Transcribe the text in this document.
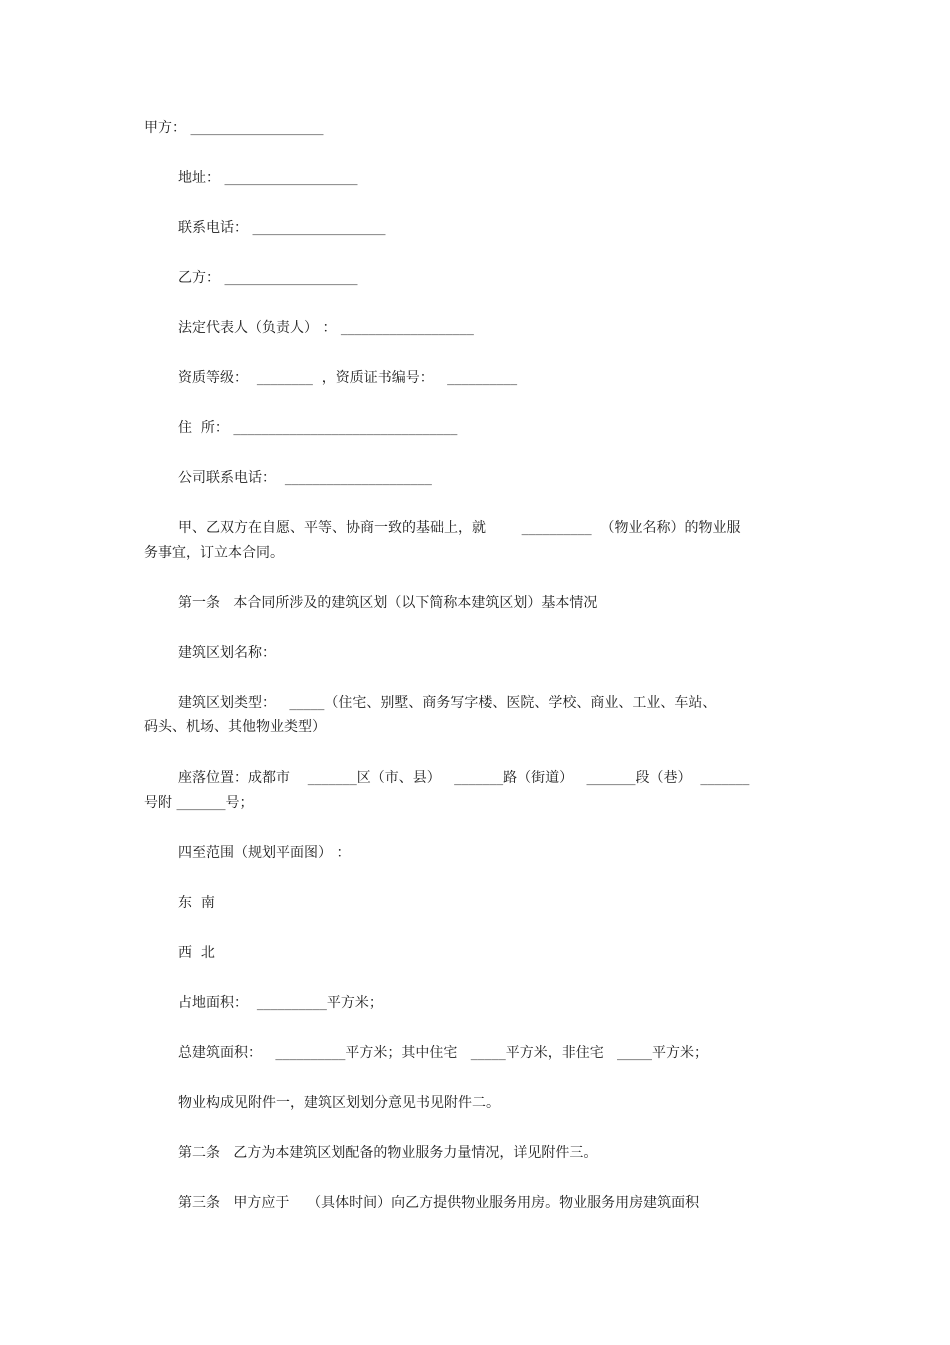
甲方： ___________________
地址： ___________________
联系电话： ___________________
乙方： ___________________
法定代表人（负责人） ： ___________________
资质等级：  ________  ，资质证书编号：   __________
住  所： ________________________________
公司联系电话：  _____________________
甲、乙双方在自愿、平等、协商一致的基础上，就        __________  （物业名称）的物业服
务事宜，订立本合同。
第一条   本合同所涉及的建筑区划（以下简称本建筑区划）基本情况
建筑区划名称：
建筑区划类型：   _____（住宅、别墅、商务写字楼、医院、学校、商业、工业、车站、
码头、机场、其他物业类型）
座落位置：成都市    _______区（市、县）   _______路（街道）   _______段（巷）  _______
号附 _______号；
四至范围（规划平面图） ：
东  南
西  北
占地面积：  __________平方米；
总建筑面积：   __________平方米；其中住宅   _____平方米，非住宅   _____平方米；
物业构成见附件一，建筑区划划分意见书见附件二。
第二条   乙方为本建筑区划配备的物业服务力量情况，详见附件三。
第三条   甲方应于    （具体时间）向乙方提供物业服务用房。物业服务用房建筑面积
